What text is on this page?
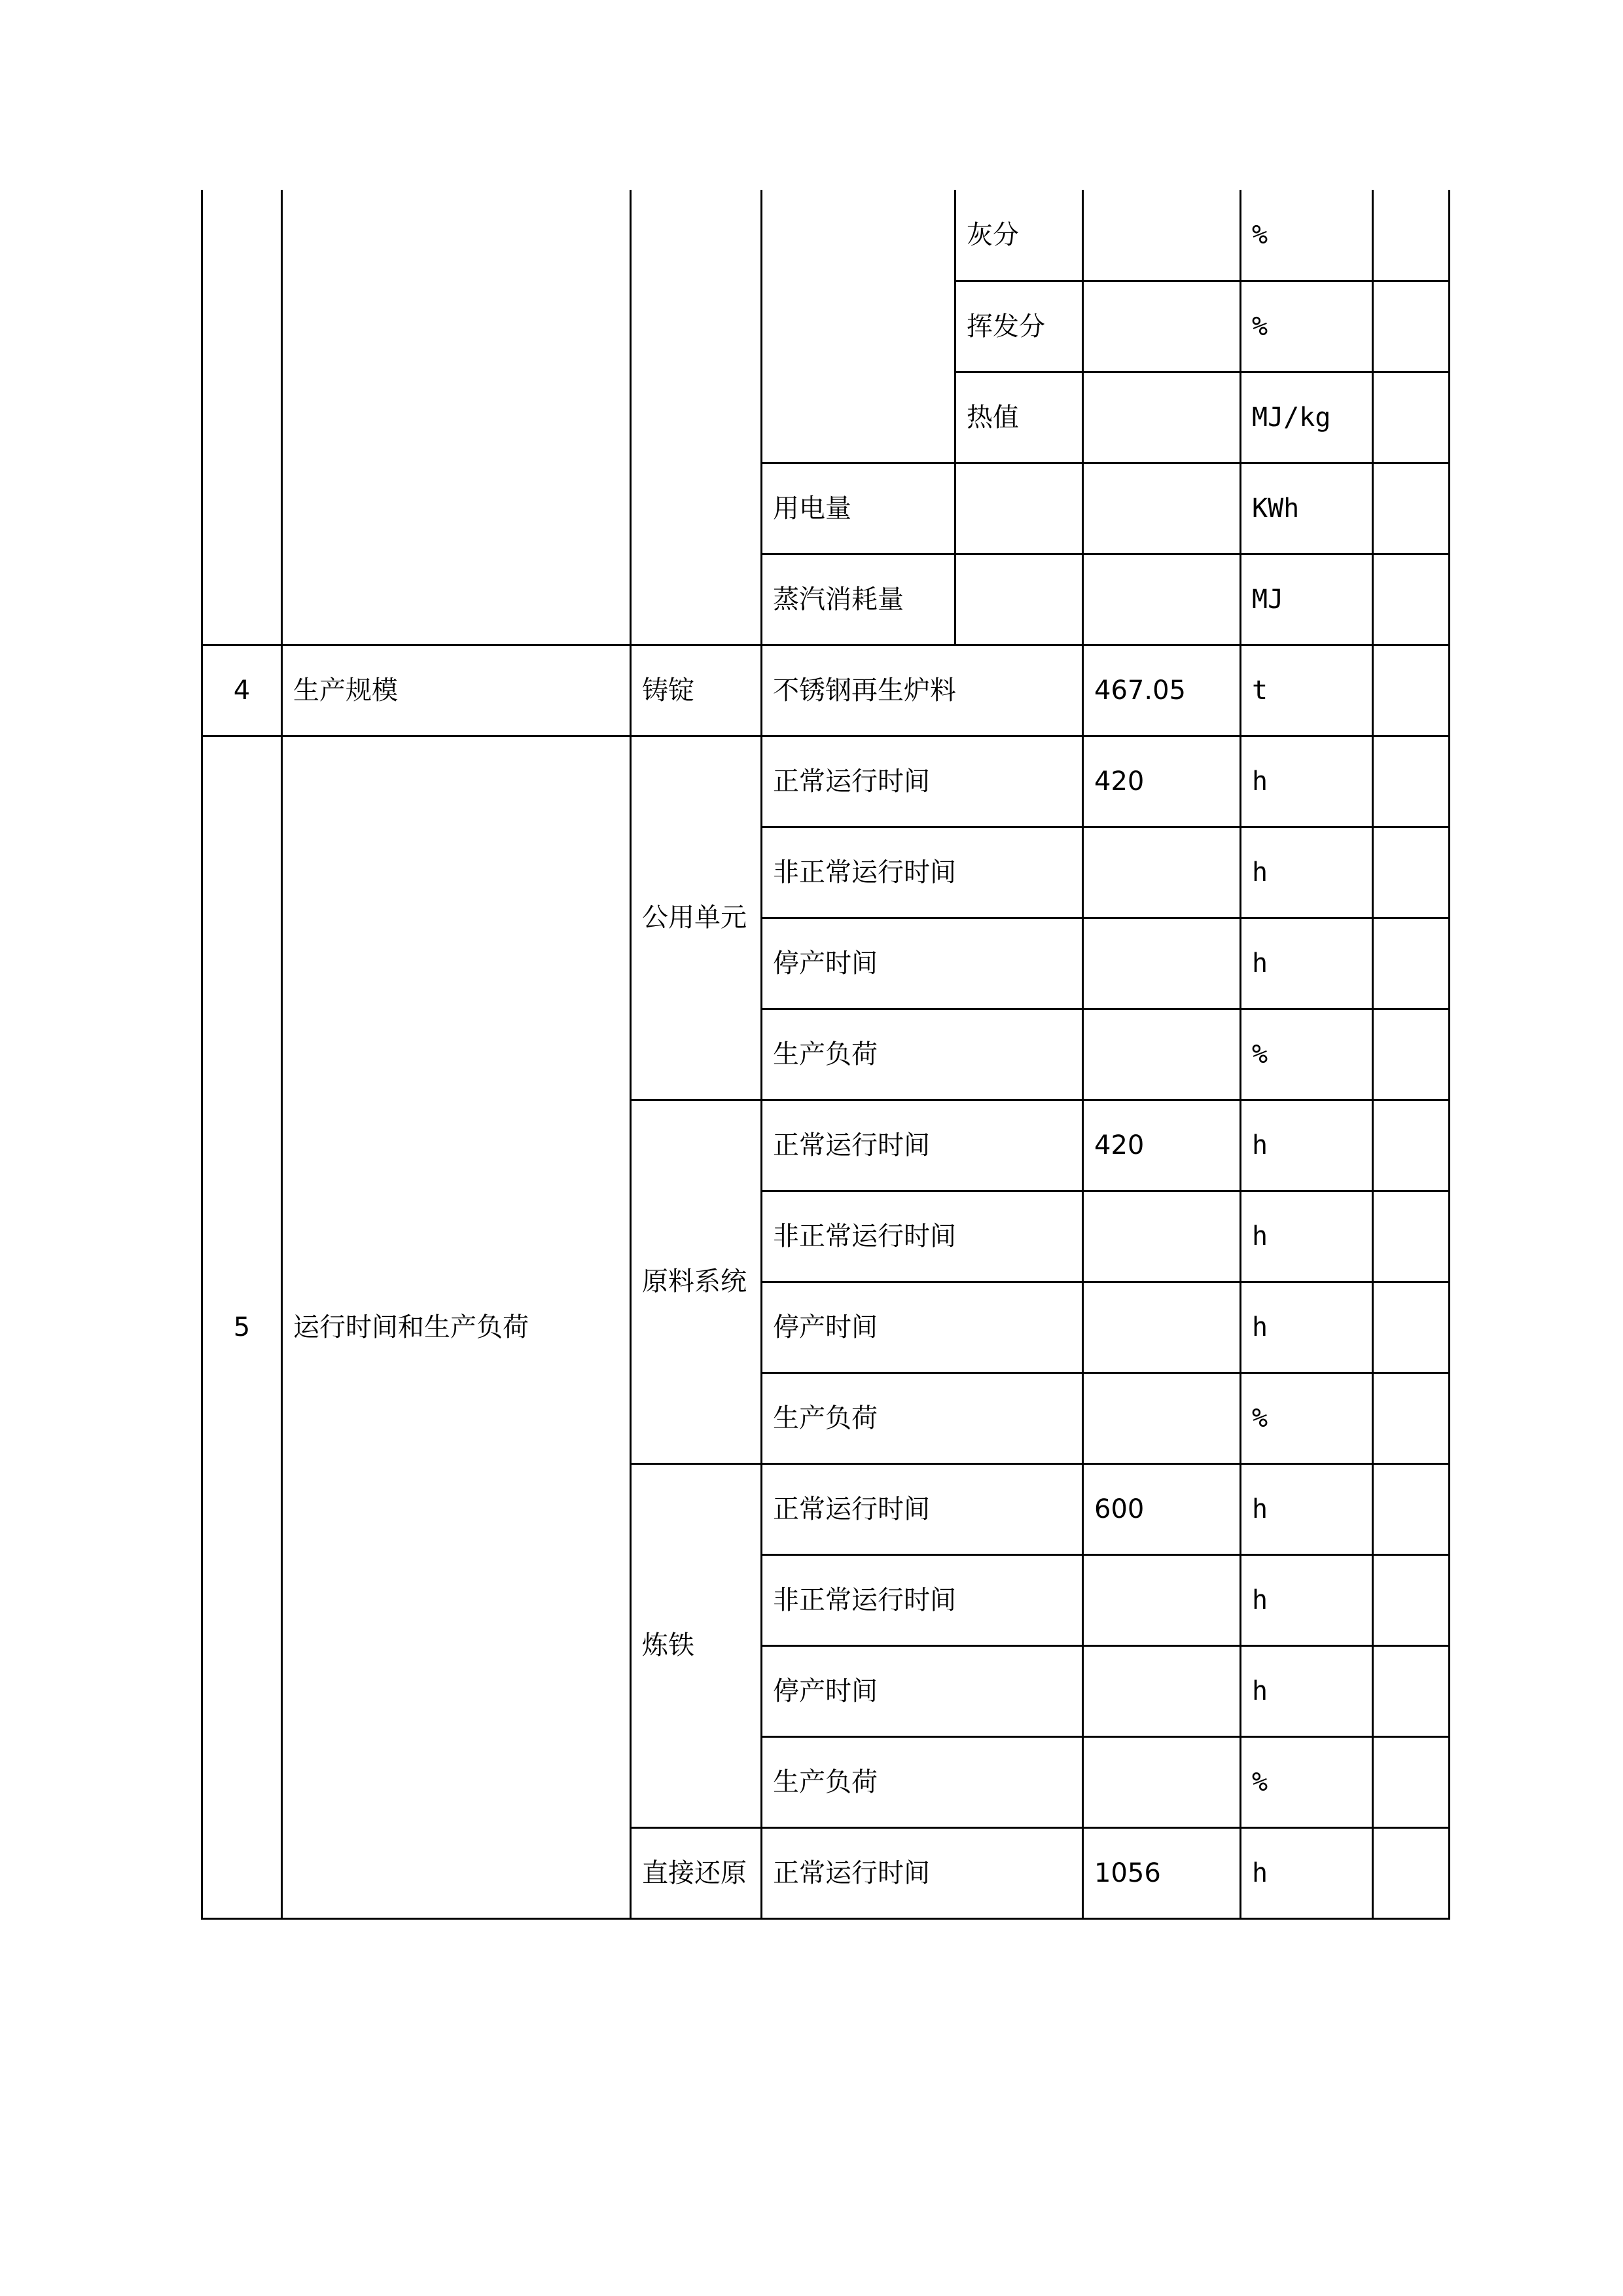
				灰分		%	
				挥发分		%	
				热值		MJ/kg	
			用电量			KWh	
			蒸汽消耗量			MJ	
4	生产规模	铸锭	不锈钢再生炉料		467.05	t	
5	运行时间和生产负荷	公用单元	正常运行时间		420	h	
			非正常运行时间			h	
			停产时间			h	
			生产负荷			%	
		原料系统	正常运行时间		420	h	
			非正常运行时间			h	
			停产时间			h	
			生产负荷			%	
		炼铁	正常运行时间		600	h	
			非正常运行时间			h	
			停产时间			h	
			生产负荷			%	
		直接还原	正常运行时间		1056	h	
